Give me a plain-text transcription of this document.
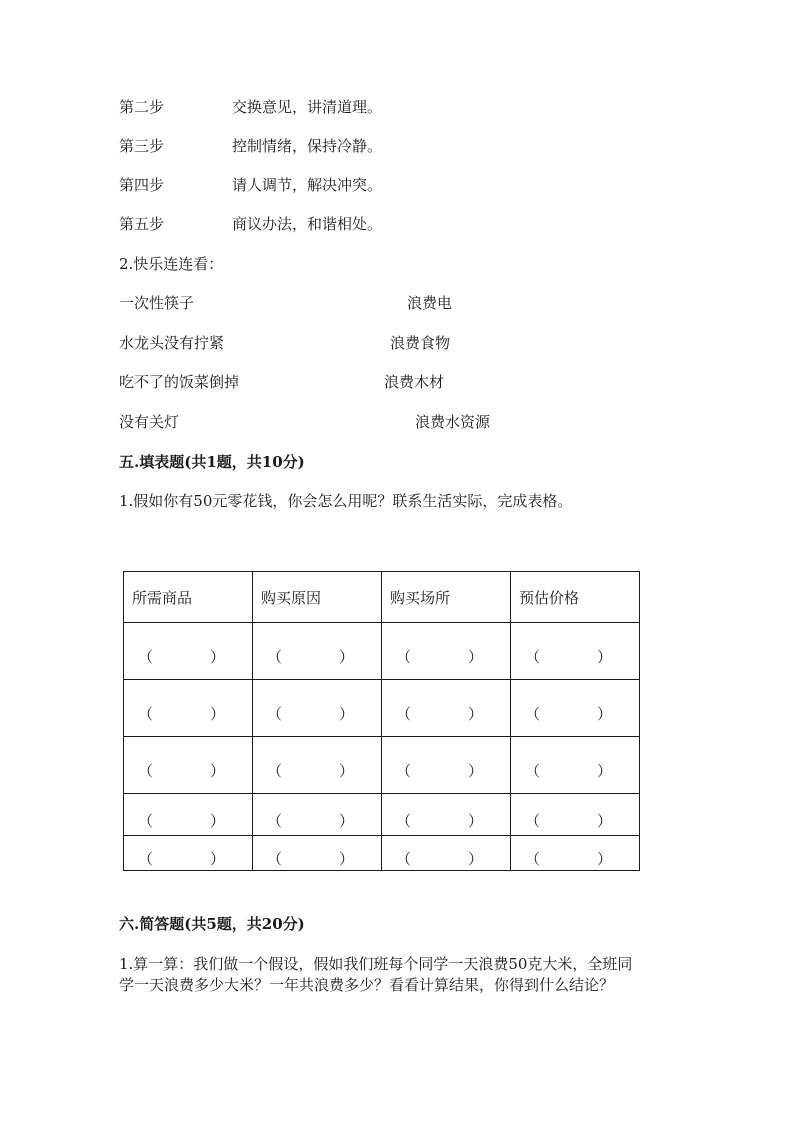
第二步	交换意见，讲清道理。
第三步	控制情绪，保持冷静。
第四步	请人调节，解决冲突。
第五步	商议办法，和谐相处。
2.快乐连连看：
一次性筷子	浪费电
水龙头没有拧紧	浪费食物
吃不了的饭菜倒掉	浪费木材
没有关灯	浪费水资源
五.填表题(共1题，共10分)
1.假如你有50元零花钱，你会怎么用呢？联系生活实际，完成表格。
所需商品	购买原因	购买场所	预估价格

（ ）	（ ）	（ ）	（ ）

（ ）	（ ）	（ ）	（ ）

（ ）	（ ）	（ ）	（ ）

（ ）	（ ）	（ ）	（ ）

（ ）	（ ）	（ ）	（ ）
六.简答题(共5题，共20分)
1.算一算：我们做一个假设，假如我们班每个同学一天浪费50克大米，全班同
学一天浪费多少大米？一年共浪费多少？看看计算结果，你得到什么结论？
